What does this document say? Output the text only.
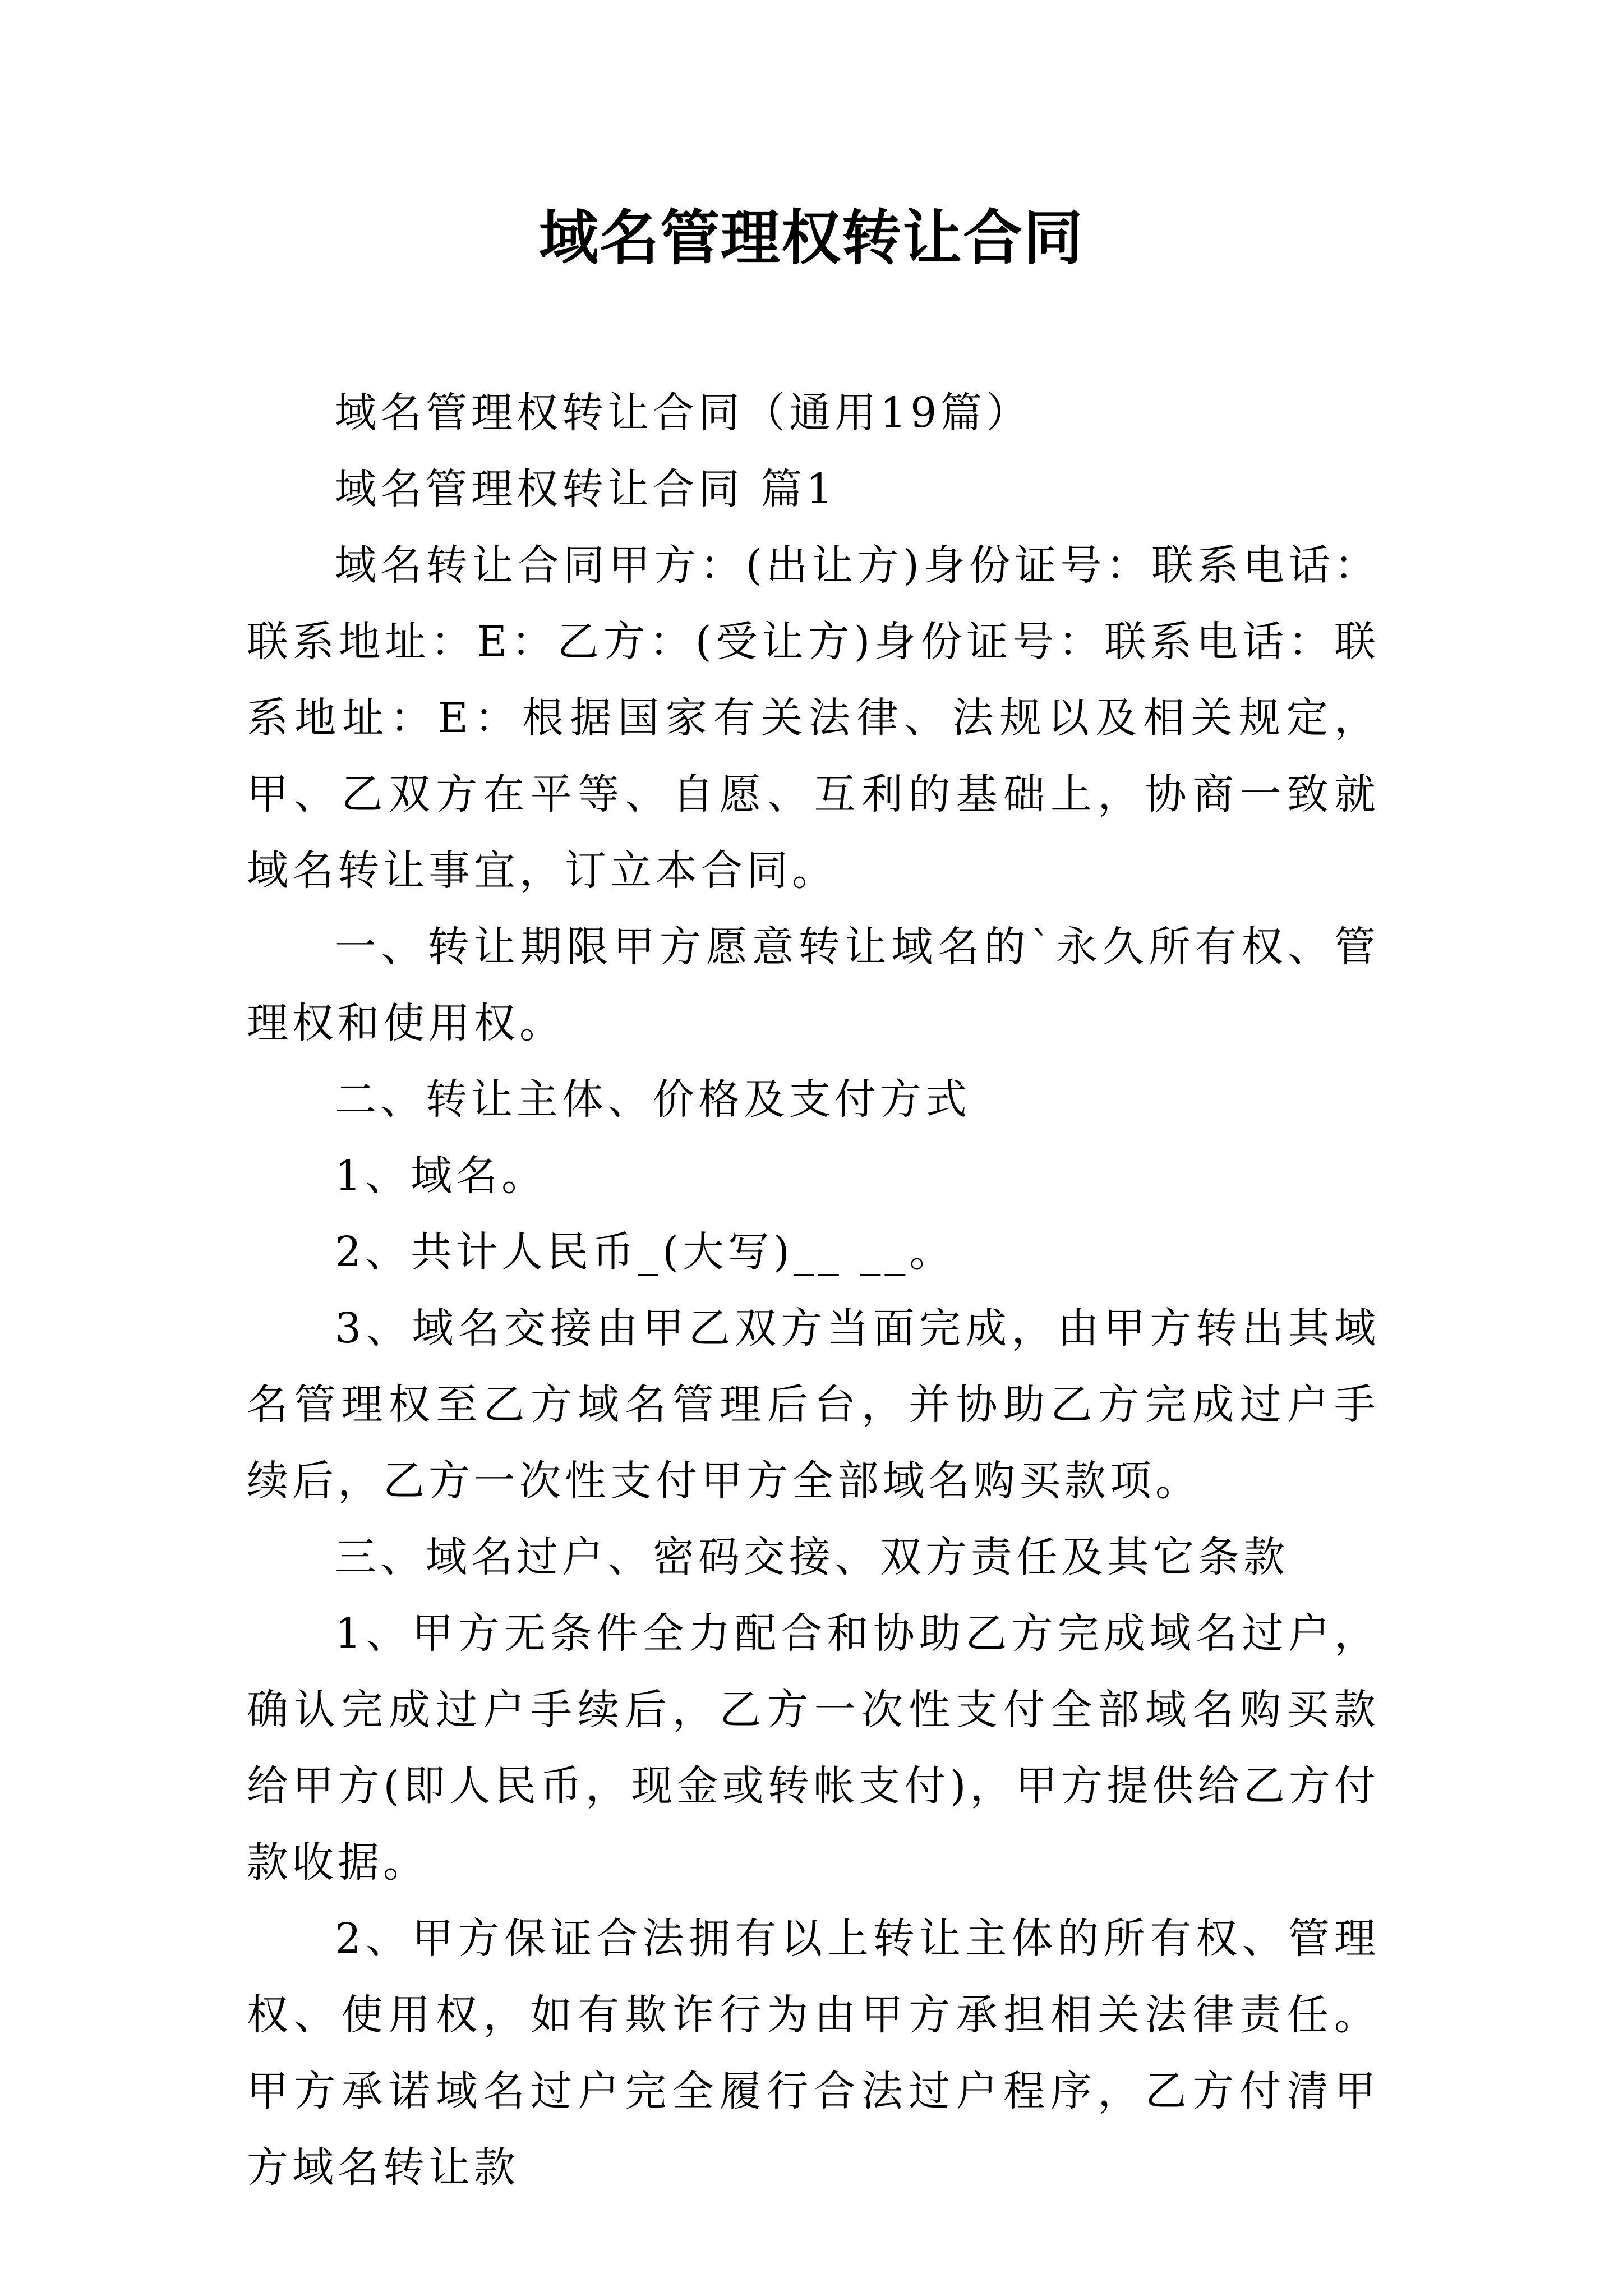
域名管理权转让合同

域名管理权转让合同（通用19篇）

域名管理权转让合同 篇1

域名转让合同甲方：(出让方)身份证号：联系电话：联系地址：E：乙方：(受让方)身份证号：联系电话：联系地址：E：根据国家有关法律、法规以及相关规定，甲、乙双方在平等、自愿、互利的基础上，协商一致就域名转让事宜，订立本合同。

一、转让期限甲方愿意转让域名的`永久所有权、管理权和使用权。

二、转让主体、价格及支付方式

1、域名。

2、共计人民币_(大写)__ __。

3、域名交接由甲乙双方当面完成，由甲方转出其域名管理权至乙方域名管理后台，并协助乙方完成过户手续后，乙方一次性支付甲方全部域名购买款项。

三、域名过户、密码交接、双方责任及其它条款

1、甲方无条件全力配合和协助乙方完成域名过户，确认完成过户手续后，乙方一次性支付全部域名购买款给甲方(即人民币，现金或转帐支付)，甲方提供给乙方付款收据。

2、甲方保证合法拥有以上转让主体的所有权、管理权、使用权，如有欺诈行为由甲方承担相关法律责任。甲方承诺域名过户完全履行合法过户程序，乙方付清甲方域名转让款
